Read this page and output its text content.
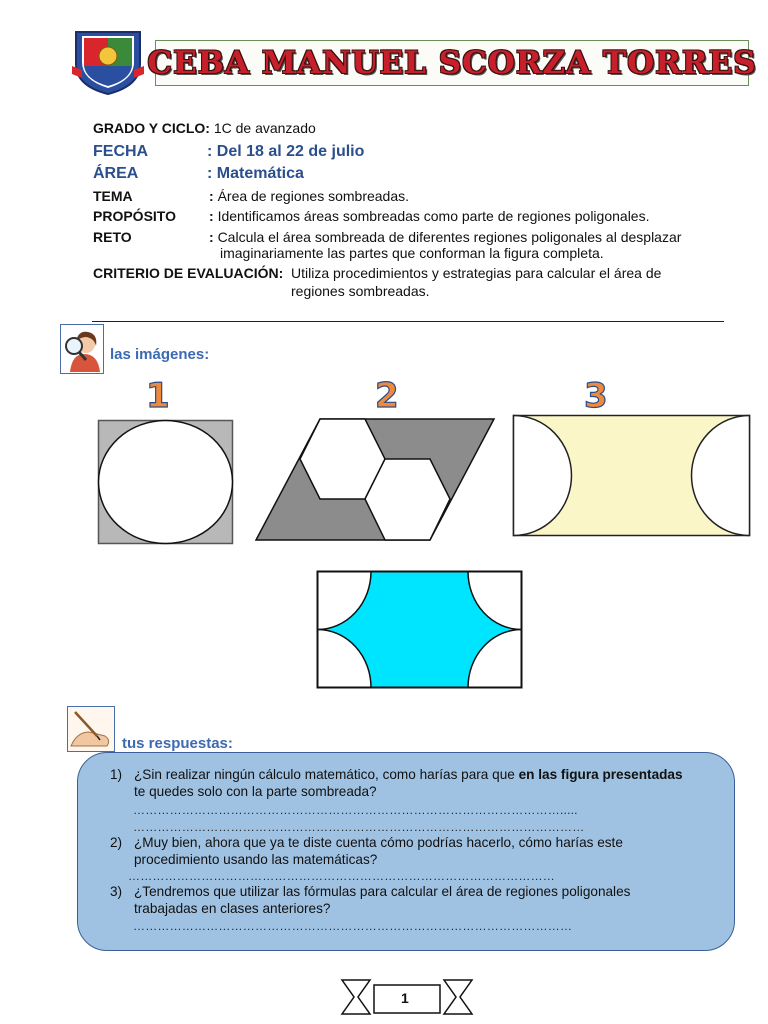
CEBA MANUEL SCORZA TORRES
GRADO Y CICLO: 1C de avanzado
FECHA	: Del 18 al 22 de julio
ÁREA	: Matemática
TEMA	: Área de regiones sombreadas.
PROPÓSITO : Identificamos áreas sombreadas como parte de regiones poligonales.
RETO	: Calcula el área sombreada de diferentes regiones poligonales al desplazar
imaginariamente las partes que conforman la figura completa.
CRITERIO DE EVALUACIÓN: Utiliza procedimientos y estrategias para calcular el área de
regiones sombreadas.
las imágenes:
1	2	3
tus respuestas:
1) ¿Sin realizar ningún cálculo matemático, como harías para que en las figura presentadas
te quedes solo con la parte sombreada?
…………………………………………………………………………………………….....
…………………………………………………………………………………………………
2) ¿Muy bien, ahora que ya te diste cuenta cómo podrías hacerlo, cómo harías este
procedimiento usando las matemáticas?
……………………………………………………………………………………………
3) ¿Tendremos que utilizar las fórmulas para calcular el área de regiones poligonales
trabajadas en clases anteriores?
………………………………………………………………………………………………
1
